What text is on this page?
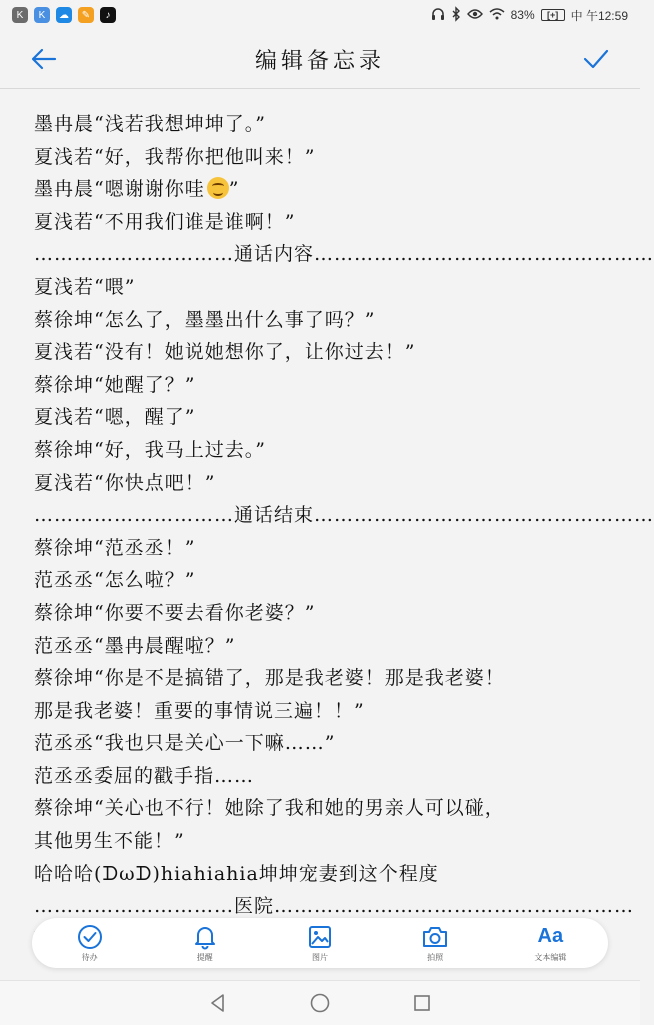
K	K	☁	✎	♪	83%	[+]	中 午12:59
编辑备忘录
墨冉晨“浅若我想坤坤了。”
夏浅若“好，我帮你把他叫来！”
墨冉晨“嗯谢谢你哇 ”
夏浅若“不用我们谁是谁啊！”
…………………………通话内容……………………………………………
夏浅若“喂”
蔡徐坤“怎么了，墨墨出什么事了吗？”
夏浅若“没有！她说她想你了，让你过去！”
蔡徐坤“她醒了？”
夏浅若“嗯，醒了”
蔡徐坤“好，我马上过去。”
夏浅若“你快点吧！”
…………………………通话结束……………………………………………
蔡徐坤“范丞丞！”
范丞丞“怎么啦？”
蔡徐坤“你要不要去看你老婆？”
范丞丞“墨冉晨醒啦？”
蔡徐坤“你是不是搞错了，那是我老婆！那是我老婆！
那是我老婆！重要的事情说三遍！！”
范丞丞“我也只是关心一下嘛……”
范丞丞委屈的戳手指……
蔡徐坤“关心也不行！她除了我和她的男亲人可以碰，
其他男生不能！”
哈哈哈(ᗪωᗪ)hiahiahia坤坤宠妻到这个程度
…………………………医院………………………………………………
待办	提醒	图片	拍照
Aa
文本编辑
